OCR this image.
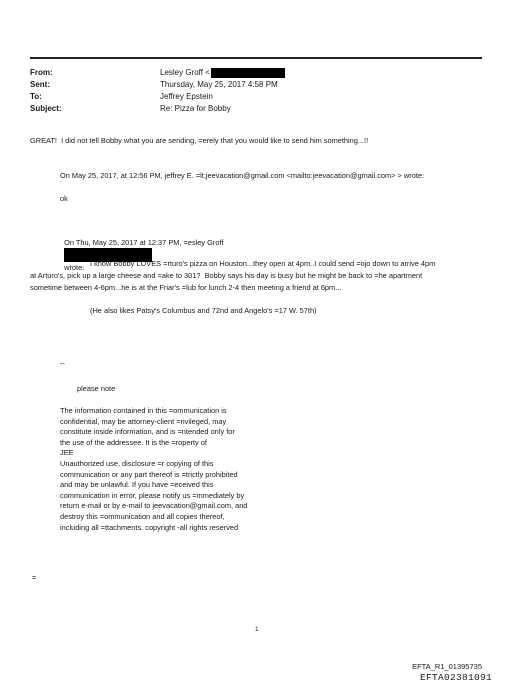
From:	Lesley Groff <
Sent:	Thursday, May 25, 2017 4:58 PM
To:	Jeffrey Epstein
Subject:	Re: Pizza for Bobby
GREAT!  I did not tell Bobby what you are sending, =erely that you would like to send him something...!!
On May 25, 2017, at 12:56 PM, jeffrey E. =lt;jeevacation@gmail.com <mailto:jeevacation@gmail.com> > wrote:
ok

On Thu, May 25, 2017 at 12:37 PM, =esley Groff

wrote: I know Bobby LOVES =rturo's pizza on Houston...they open at 4pm..I could send =ojo down to arrive 4pm
at Arturo's, pick up a large cheese and =ake to 301?  Bobby says his day is busy but he might be back to =he apartment
sometime between 4-6pm...he is at the Friar's =lub for lunch 2-4 then meeting a friend at 6pm...
(He also likes Patsy's Columbus and 72nd and Angelo's =17 W. 57th)
--
please note
The information contained in this =ommunication is
confidential, may be attorney-client =rivileged, may
constitute inside information, and is =ntended only for
the use of the addressee. It is the =roperty of
JEE
Unauthorized use, disclosure =r copying of this
communication or any part thereof is =trictly prohibited
and may be unlawful. If you have =eceived this
communication in error, please notify us =mmediately by
return e-mail or by e-mail to jeevacation@gmail.com, and
destroy this =ommunication and all copies thereof,
including all =ttachments. copyright -all rights reserved
=
1
EFTA_R1_01395735
EFTA02381091
